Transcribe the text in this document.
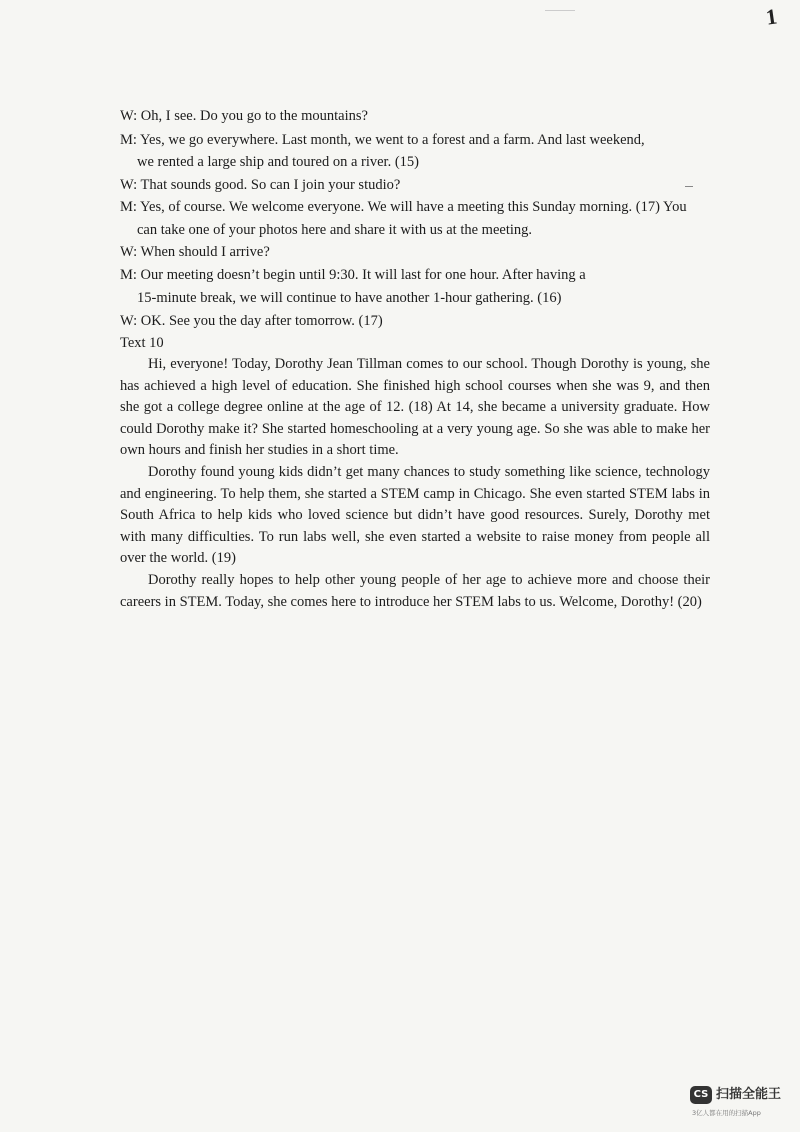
1
W: Oh, I see. Do you go to the mountains?
M: Yes, we go everywhere. Last month, we went to a forest and a farm. And last weekend,
we rented a large ship and toured on a river. (15)
W: That sounds good. So can I join your studio?
M: Yes, of course. We welcome everyone. We will have a meeting this Sunday morning. (17) You
can take one of your photos here and share it with us at the meeting.
W: When should I arrive?
M: Our meeting doesn’t begin until 9:30. It will last for one hour. After having a
15-minute break, we will continue to have another 1-hour gathering. (16)
W: OK. See you the day after tomorrow. (17)
Text 10

Hi, everyone! Today, Dorothy Jean Tillman comes to our school. Though Dorothy is young, she has achieved a high level of education. She finished high school courses when she was 9, and then she got a college degree online at the age of 12. (18) At 14, she became a university graduate. How could Dorothy make it? She started homeschooling at a very young age. So she was able to make her own hours and finish her studies in a short time.

Dorothy found young kids didn’t get many chances to study something like science, technology and engineering. To help them, she started a STEM camp in Chicago. She even started STEM labs in South Africa to help kids who loved science but didn’t have good resources. Surely, Dorothy met with many difficulties. To run labs well, she even started a website to raise money from people all over the world. (19)

Dorothy really hopes to help other young people of her age to achieve more and choose their careers in STEM. Today, she comes here to introduce her STEM labs to us. Welcome, Dorothy! (20)

CS 扫描全能王
3亿人都在用的扫描App
